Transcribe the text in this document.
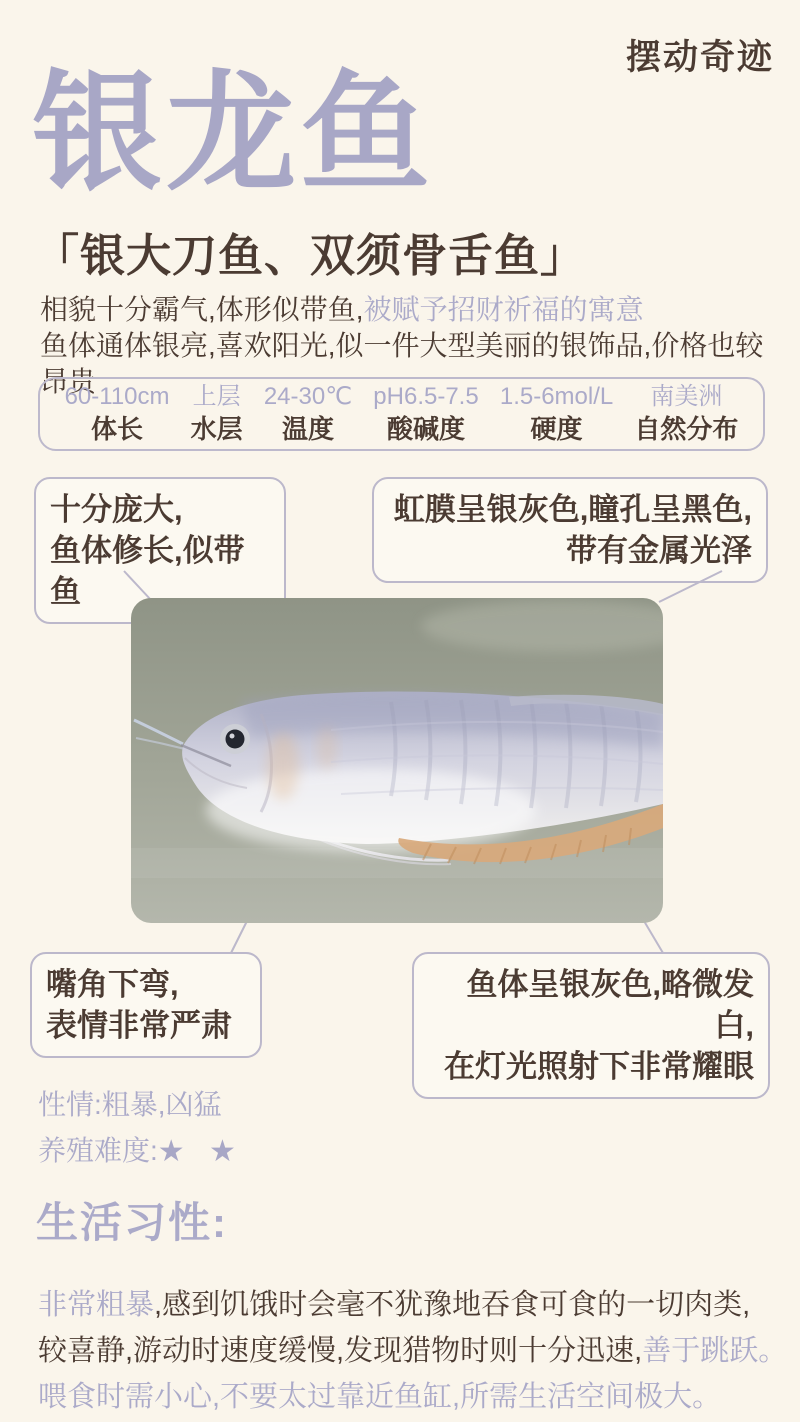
摆动奇迹
银龙鱼
「银大刀鱼、双须骨舌鱼」
相貌十分霸气,体形似带鱼,被赋予招财祈福的寓意
鱼体通体银亮,喜欢阳光,似一件大型美丽的银饰品,价格也较昂贵
60-110cm
体长
上层
水层
24-30℃
温度
pH6.5-7.5
酸碱度
1.5-6mol/L
硬度
南美洲
自然分布
十分庞大,
鱼体修长,似带鱼
虹膜呈银灰色,瞳孔呈黑色,
带有金属光泽
嘴角下弯,
表情非常严肃
鱼体呈银灰色,略微发白,
在灯光照射下非常耀眼
性情:粗暴,凶猛
养殖难度:★ ★
生活习性:
非常粗暴,感到饥饿时会毫不犹豫地吞食可食的一切肉类,
较喜静,游动时速度缓慢,发现猎物时则十分迅速,善于跳跃。
喂食时需小心,不要太过靠近鱼缸,所需生活空间极大。
